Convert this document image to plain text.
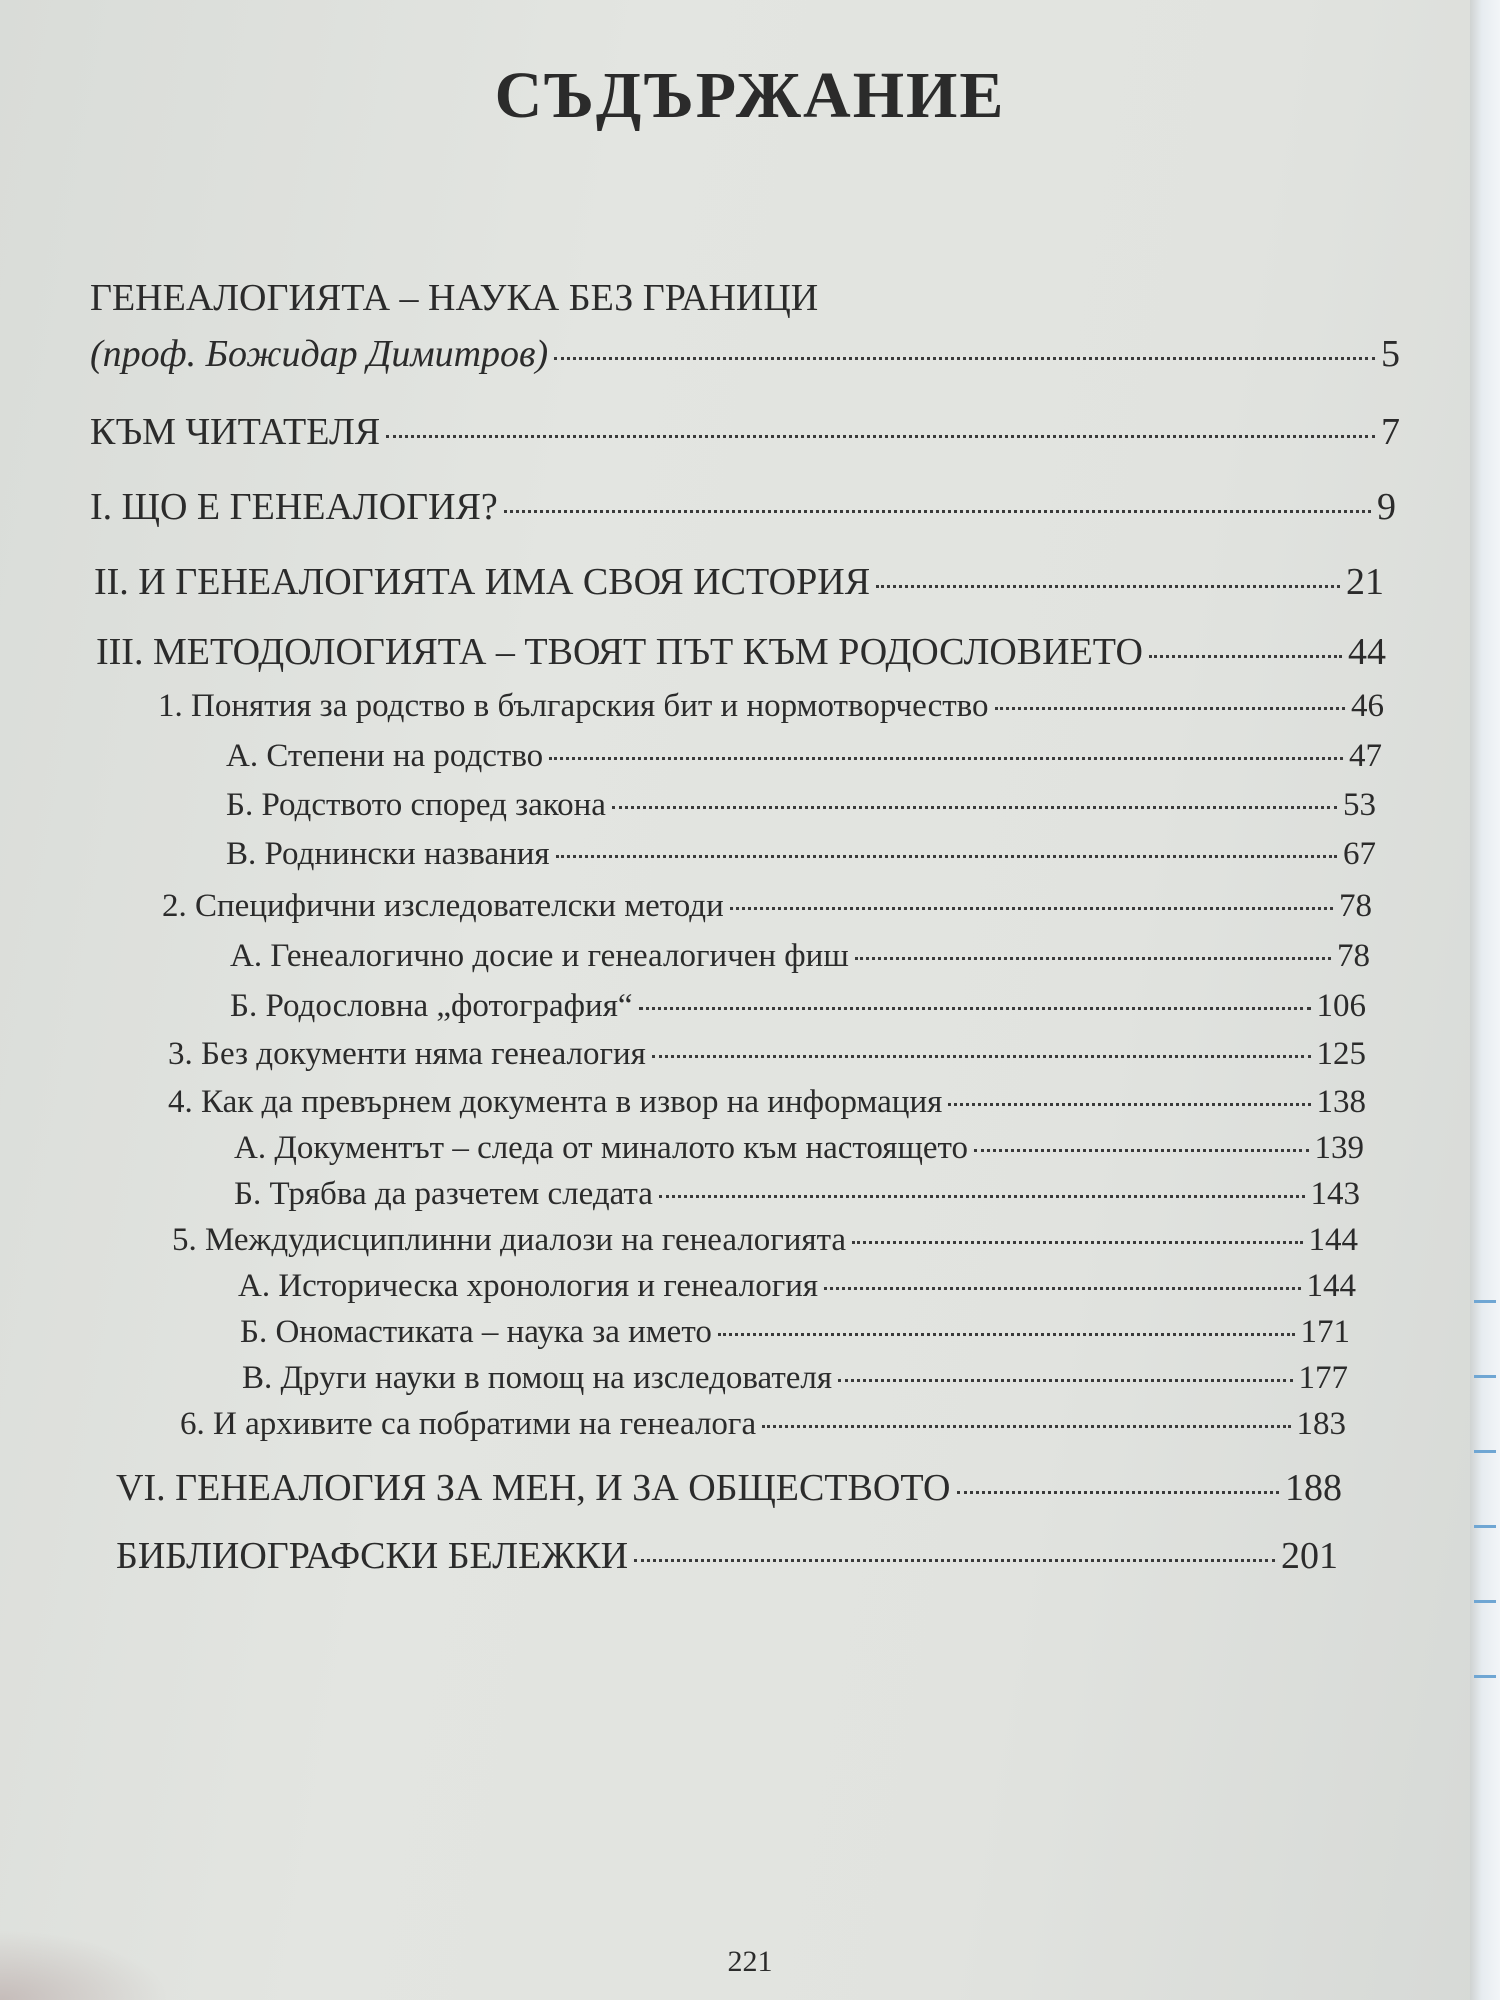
СЪДЪРЖАНИЕ
ГЕНЕАЛОГИЯТА – НАУКА БЕЗ ГРАНИЦИ
(проф. Божидар Димитров)	5
КЪМ ЧИТАТЕЛЯ	7
I. ЩО Е ГЕНЕАЛОГИЯ?	9
II. И ГЕНЕАЛОГИЯТА ИМА СВОЯ ИСТОРИЯ	21
III. МЕТОДОЛОГИЯТА – ТВОЯТ ПЪТ КЪМ РОДОСЛОВИЕТО	44
1. Понятия за родство в българския бит и нормотворчество	46
А. Степени на родство	47
Б. Родството според закона	53
В. Роднински названия	67
2. Специфични изследователски методи	78
А. Генеалогично досие и генеалогичен фиш	78
Б. Родословна „фотография“	106
3. Без документи няма генеалогия	125
4. Как да превърнем документа в извор на информация	138
А. Документът – следа от миналото към настоящето	139
Б. Трябва да разчетем следата	143
5. Междудисциплинни диалози на генеалогията	144
А. Историческа хронология и генеалогия	144
Б. Ономастиката – наука за името	171
В. Други науки в помощ на изследователя	177
6. И архивите са побратими на генеалога	183
VI. ГЕНЕАЛОГИЯ ЗА МЕН, И ЗА ОБЩЕСТВОТО	188
БИБЛИОГРАФСКИ БЕЛЕЖКИ	201
221
